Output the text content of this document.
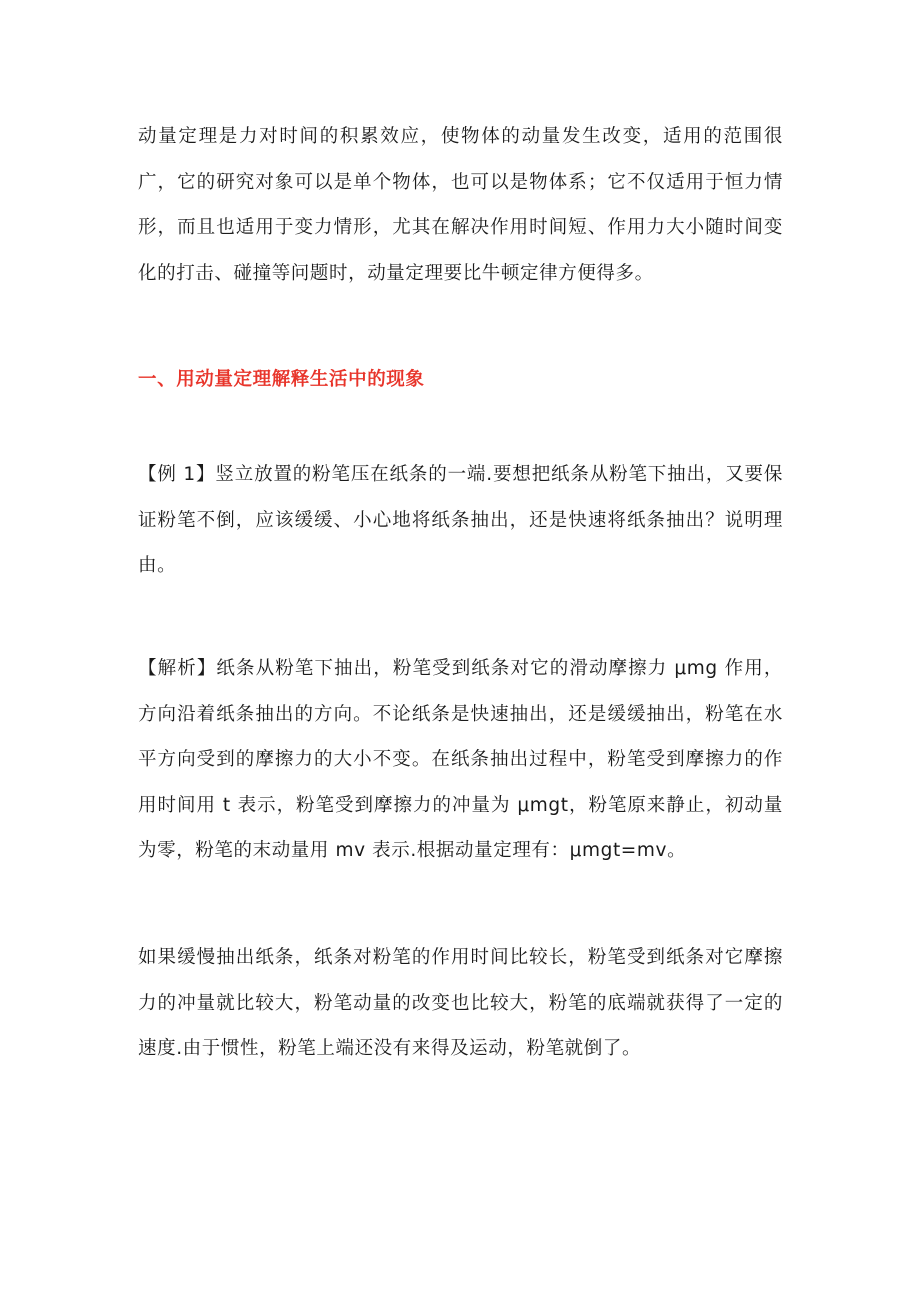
动量定理是力对时间的积累效应，使物体的动量发生改变，适用的范围很广，它的研究对象可以是单个物体，也可以是物体系；它不仅适用于恒力情形，而且也适用于变力情形，尤其在解决作用时间短、作用力大小随时间变化的打击、碰撞等问题时，动量定理要比牛顿定律方便得多。

一、用动量定理解释生活中的现象

【例 1】竖立放置的粉笔压在纸条的一端.要想把纸条从粉笔下抽出，又要保证粉笔不倒，应该缓缓、小心地将纸条抽出，还是快速将纸条抽出？说明理由。

【解析】纸条从粉笔下抽出，粉笔受到纸条对它的滑动摩擦力 μmg 作用，方向沿着纸条抽出的方向。不论纸条是快速抽出，还是缓缓抽出，粉笔在水平方向受到的摩擦力的大小不变。在纸条抽出过程中，粉笔受到摩擦力的作用时间用 t 表示，粉笔受到摩擦力的冲量为 μmgt，粉笔原来静止，初动量为零，粉笔的末动量用 mv 表示.根据动量定理有：μmgt=mv。

如果缓慢抽出纸条，纸条对粉笔的作用时间比较长，粉笔受到纸条对它摩擦力的冲量就比较大，粉笔动量的改变也比较大，粉笔的底端就获得了一定的速度.由于惯性，粉笔上端还没有来得及运动，粉笔就倒了。
